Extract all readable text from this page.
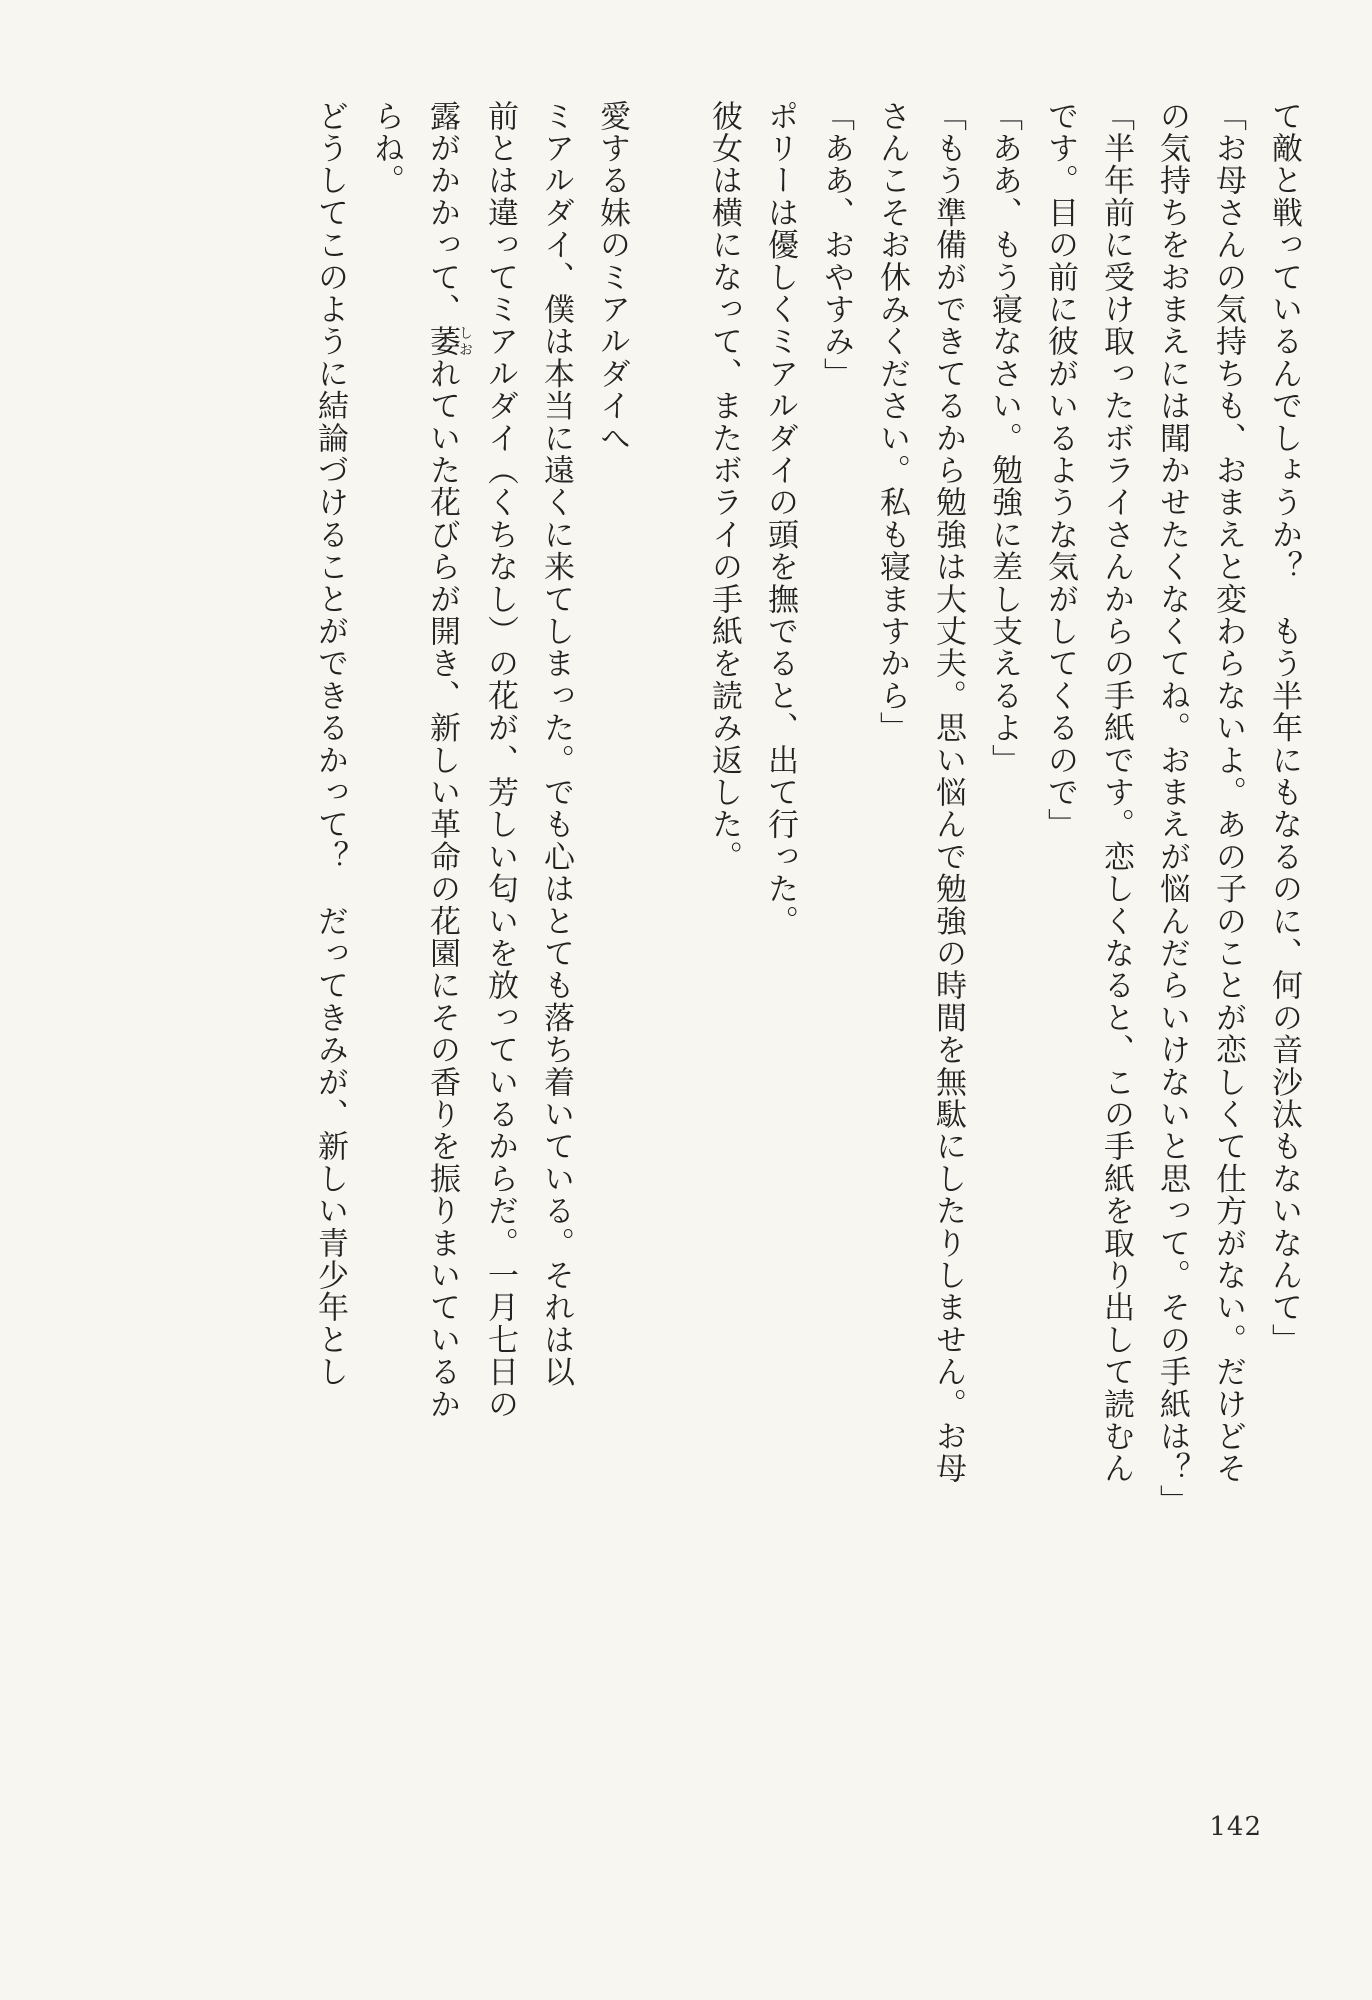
て敵と戦っているんでしょうか？　もう半年にもなるのに、何の音沙汰もないなんて」
「お母さんの気持ちも、おまえと変わらないよ。あの子のことが恋しくて仕方がない。だけどそ
の気持ちをおまえには聞かせたくなくてね。おまえが悩んだらいけないと思って。その手紙は？」
「半年前に受け取ったボライさんからの手紙です。恋しくなると、この手紙を取り出して読むん
です。目の前に彼がいるような気がしてくるので」
「ああ、もう寝なさい。勉強に差し支えるよ」
「もう準備ができてるから勉強は大丈夫。思い悩んで勉強の時間を無駄にしたりしません。お母
さんこそお休みください。私も寝ますから」
「ああ、おやすみ」
ポリーは優しくミアルダイの頭を撫でると、出て行った。
彼女は横になって、またボライの手紙を読み返した。
愛する妹のミアルダイへ
ミアルダイ、僕は本当に遠くに来てしまった。でも心はとても落ち着いている。それは以
前とは違ってミアルダイ（くちなし）の花が、芳しい匂いを放っているからだ。一月七日の
露がかかって、萎しおれていた花びらが開き、新しい革命の花園にその香りを振りまいているか
らね。
どうしてこのように結論づけることができるかって？　だってきみが、新しい青少年とし
142
